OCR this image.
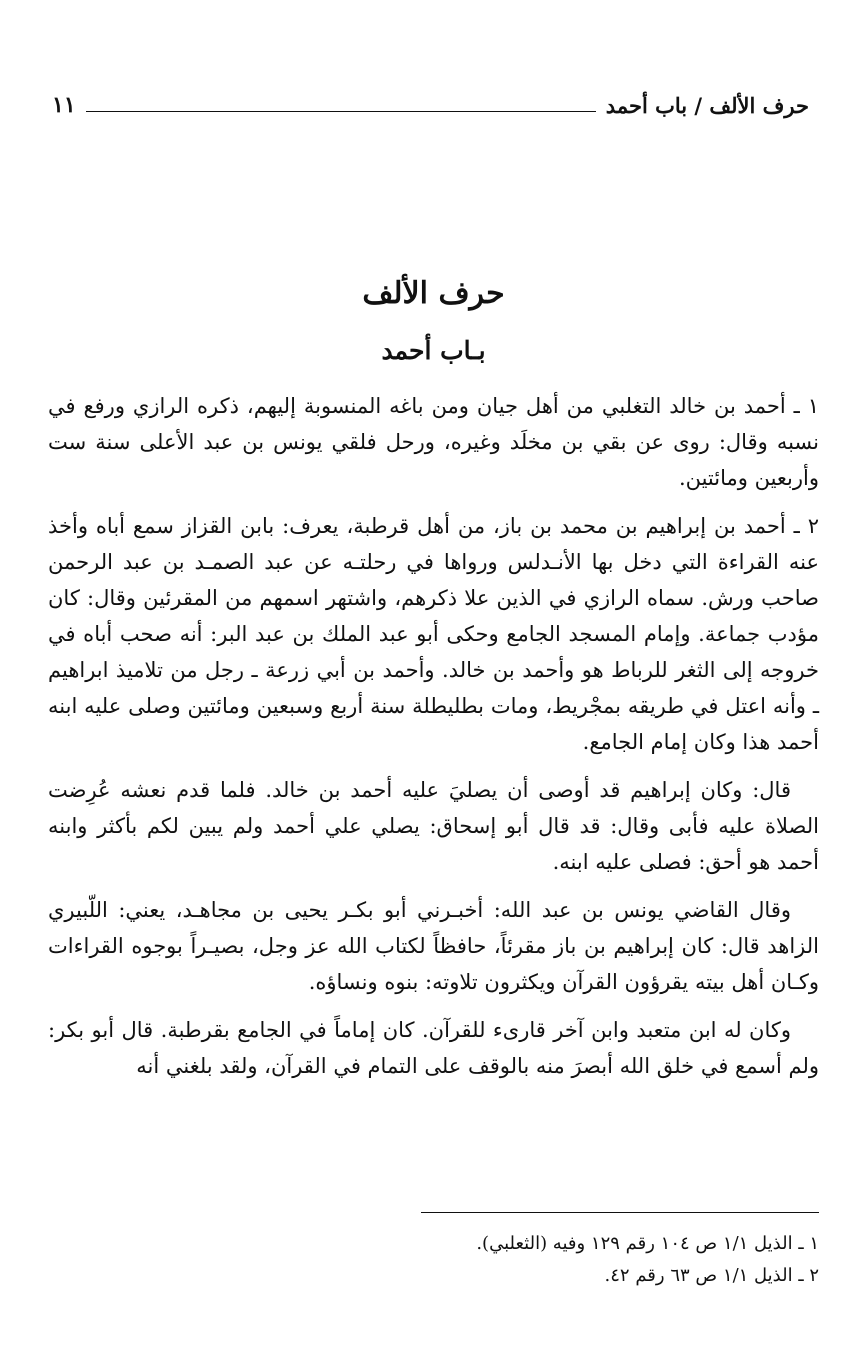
حرف الألف / باب أحمد
١١
حرف الألف
بـاب أحمد

١ ـ أحمد بن خالد التغلبي من أهل جيان ومن باغه المنسوبة إليهم، ذكره الرازي ورفع في نسبه وقال: روى عن بقي بن مخلَد وغيره، ورحل فلقي يونس بن عبد الأعلى سنة ست وأربعين ومائتين.

٢ ـ أحمد بن إبراهيم بن محمد بن باز، من أهل قرطبة، يعرف: بابن القزاز سمع أباه وأخذ عنه القراءة التي دخل بها الأنـدلس ورواها في رحلتـه عن عبد الصمـد بن عبد الرحمن صاحب ورش. سماه الرازي في الذين علا ذكرهم، واشتهر اسمهم من المقرئين وقال: كان مؤدب جماعة. وإمام المسجد الجامع وحكى أبو عبد الملك بن عبد البر: أنه صحب أباه في خروجه إلى الثغر للرباط هو وأحمد بن خالد. وأحمد بن أبي زرعة ـ رجل من تلاميذ ابراهيم ـ وأنه اعتل في طريقه بمجْريط، ومات بطليطلة سنة أربع وسبعين ومائتين وصلى عليه ابنه أحمد هذا وكان إمام الجامع.

قال: وكان إبراهيم قد أوصى أن يصليَ عليه أحمد بن خالد. فلما قدم نعشه عُرِضت الصلاة عليه فأبى وقال: قد قال أبو إسحاق: يصلي علي أحمد ولم يبين لكم بأكثر وابنه أحمد هو أحق: فصلى عليه ابنه.

وقال القاضي يونس بن عبد الله: أخبـرني أبو بكـر يحيى بن مجاهـد، يعني: اللّبيري الزاهد قال: كان إبراهيم بن باز مقرئاً، حافظاً لكتاب الله عز وجل، بصيـراً بوجوه القراءات وكـان أهل بيته يقرؤون القرآن ويكثرون تلاوته: بنوه ونساؤه.

وكان له ابن متعبد وابن آخر قارىء للقرآن. كان إماماً في الجامع بقرطبة. قال أبو بكر: ولم أسمع في خلق الله أبصرَ منه بالوقف على التمام في القرآن، ولقد بلغني أنه

١ ـ الذيل ١/١ ص ١٠٤ رقم ١٢٩ وفيه (الثعلبي).
٢ ـ الذيل ١/١ ص ٦٣ رقم ٤٢.
